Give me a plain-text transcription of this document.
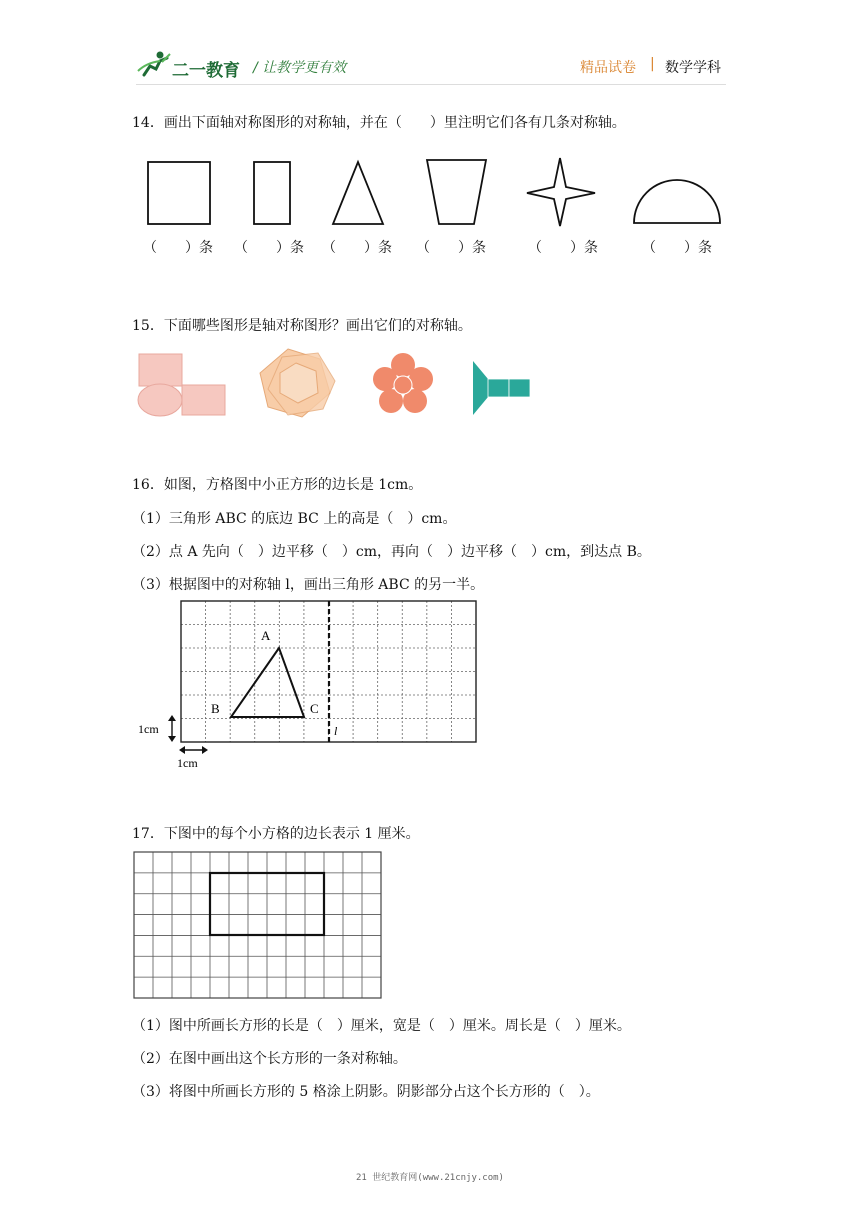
二一教育 / 让教学更有效	精品试卷 | 数学学科
14．画出下面轴对称图形的对称轴，并在（　　）里注明它们各有几条对称轴。
（　　）条 （　　）条 （　　）条 （　　）条	（　　）条	（　　）条
15．下面哪些图形是轴对称图形？画出它们的对称轴。
16．如图，方格图中小正方形的边长是 1cm。
（1）三角形 ABC 的底边 BC 上的高是（　）cm。
（2）点 A 先向（　）边平移（　）cm，再向（　）边平移（　）cm，到达点 B。
（3）根据图中的对称轴 l，画出三角形 ABC 的另一半。
A
B	C
l
1cm
1cm
17．下图中的每个小方格的边长表示 1 厘米。
（1）图中所画长方形的长是（　）厘米，宽是（　）厘米。周长是（　）厘米。
（2）在图中画出这个长方形的一条对称轴。
（3）将图中所画长方形的 5 格涂上阴影。阴影部分占这个长方形的（　）。
21 世纪教育网(www.21cnjy.com)
